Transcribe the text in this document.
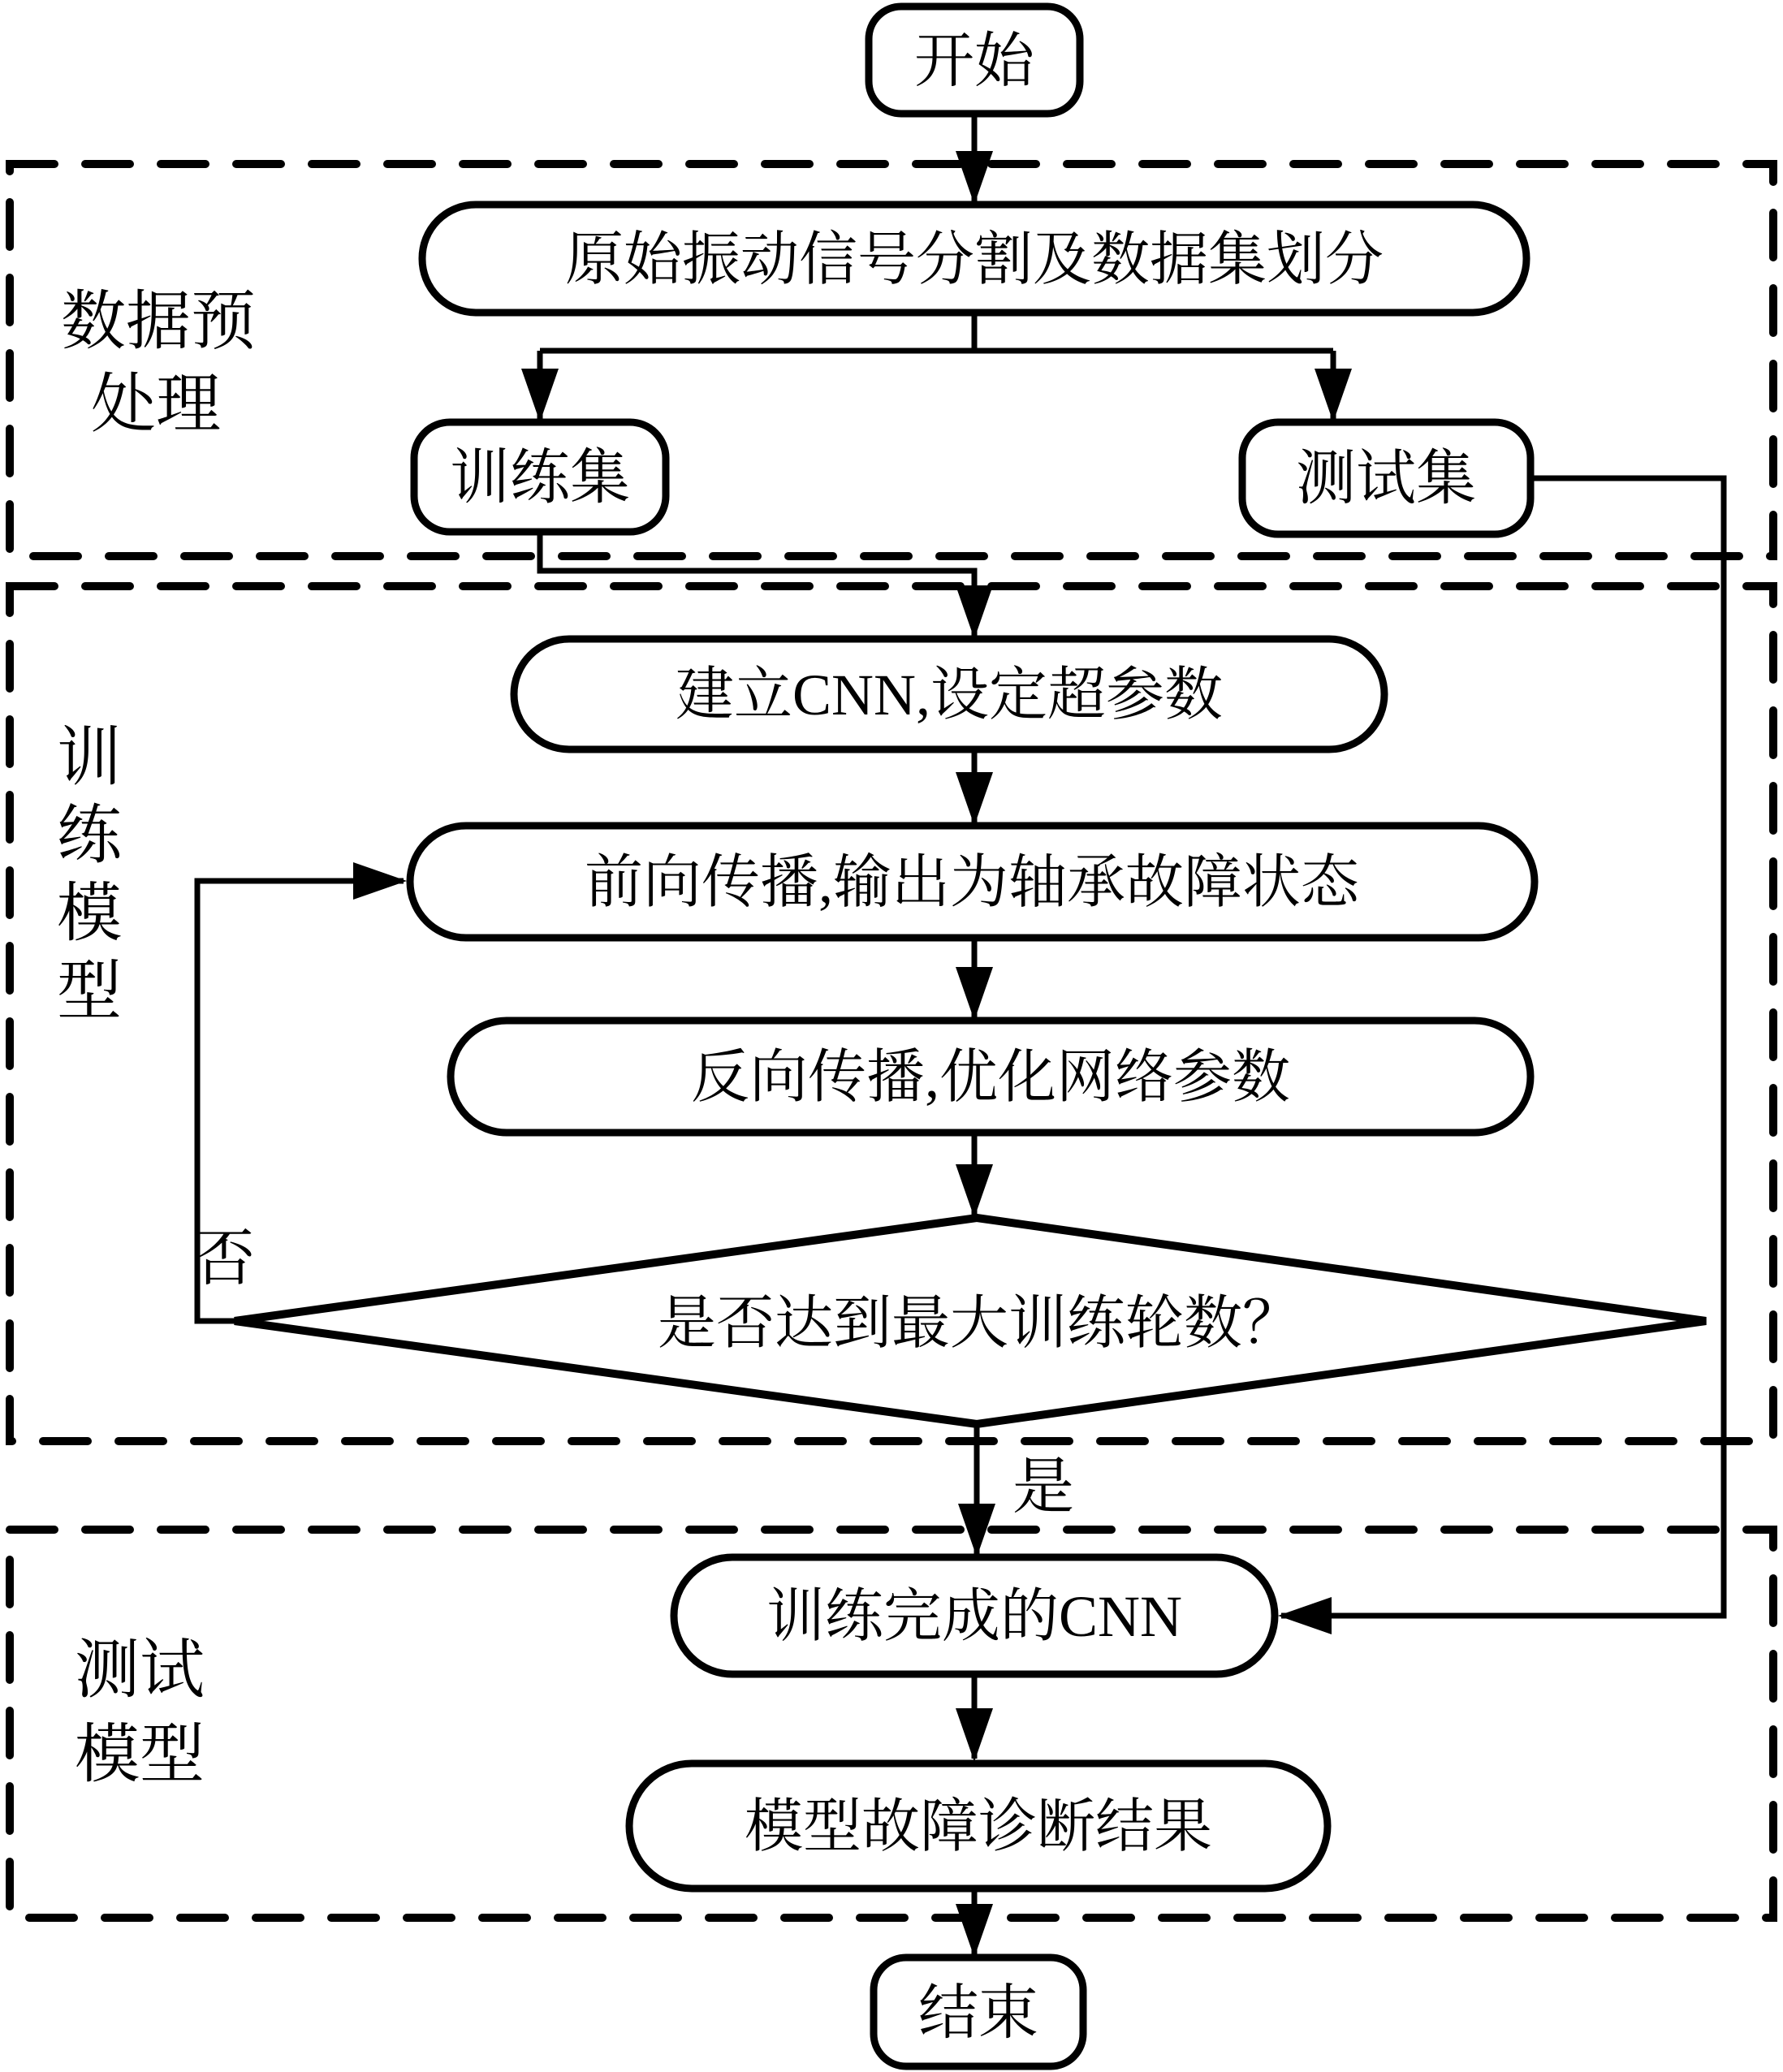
数据预
处理
训
练
模
型
测试
模型
否
是
开始
原始振动信号分割及数据集划分
训练集	测试集
建立CNN,设定超参数
前向传播,输出为轴承故障状态
反向传播,优化网络参数
是否达到最大训练轮数？
训练完成的CNN
模型故障诊断结果
结束
